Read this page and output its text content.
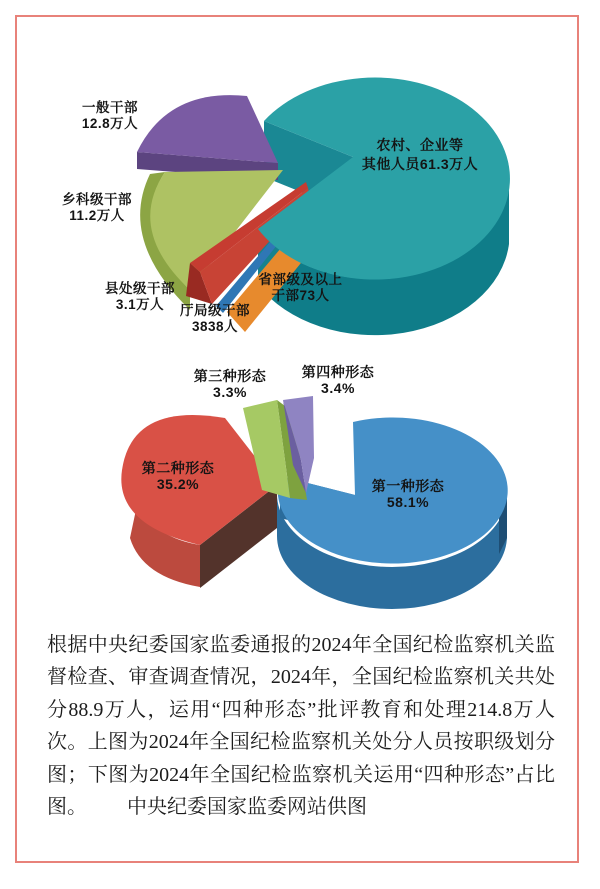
一般干部
12.8万人
农村、企业等
其他人员61.3万人
乡科级干部
11.2万人
县处级干部
3.1万人	厅局级干部
3838人
省部级及以上
干部73人
第三种形态
3.3%
第四种形态
3.4%
第二种形态
35.2%	第一种形态
58.1%
根据中央纪委国家监委通报的2024年全国纪检监察机关监督检查、审查调查情况，2024年，全国纪检监察机关共处分88.9万人，运用“四种形态”批评教育和处理214.8万人次。上图为2024年全国纪检监察机关处分人员按职级划分图；下图为2024年全国纪检监察机关运用“四种形态”占比图。 中央纪委国家监委网站供图
